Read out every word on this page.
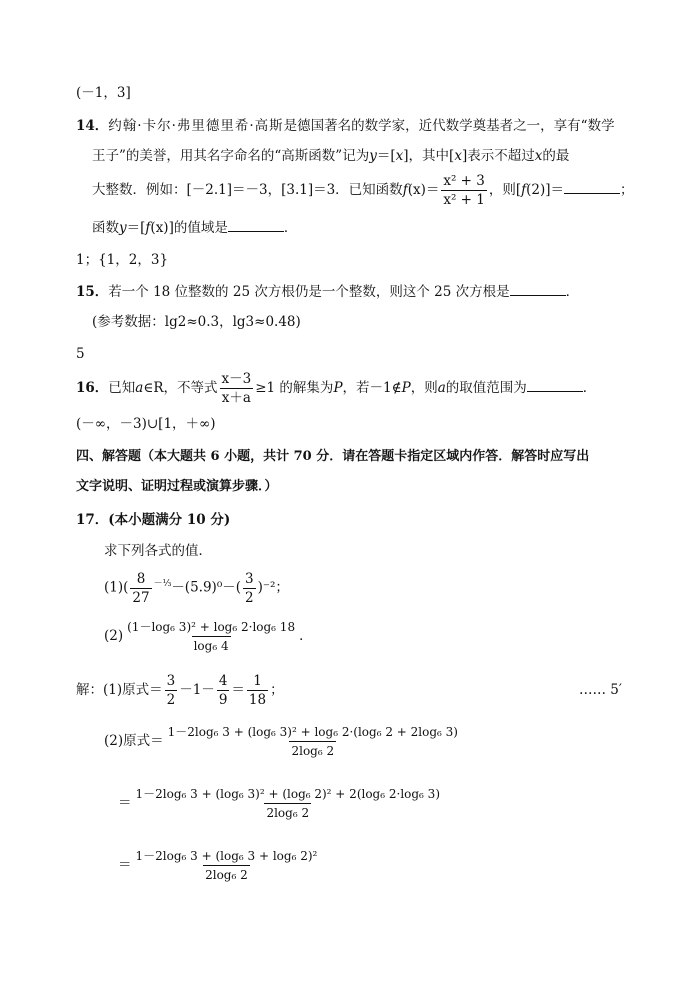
(－1，3]
14．约翰·卡尔·弗里德里希·高斯是德国著名的数学家，近代数学奠基者之一，享有“数学
王子”的美誉，用其名字命名的“高斯函数”记为y＝[x]，其中[x]表示不超过x的最
大整数．例如：[－2.1]＝－3，[3.1]＝3．已知函数$f(x)= \frac{\text{x² + 3}}{\text{x² + 1}}$ ，则[f(2)]＝	；
函数y＝[f(x)]的值域是	．
1；{1，2，3}
15．若一个 18 位整数的 25 次方根仍是一个整数，则这个 25 次方根是	．
(参考数据：lg2≈0.3，lg3≈0.48)
5
16．已知a∈R，不等式 $\frac{x-3}{x+a} \ge 1$ 的解集为P，若－1∉P，则a的取值范围为	．
(－∞，－3)∪[1，＋∞)
四、解答题（本大题共 6 小题，共计 70 分．请在答题卡指定区域内作答．解答时应写出
文字说明、证明过程或演算步骤．）
17．(本小题满分 10 分)
求下列各式的值．
$(1)( \frac{8}{27} ^{-\frac{1}{3}}-(5.9)^0-( \frac{3}{2} )^{-2}$；
$(2) \frac{\text{(1－log₆ 3)² + log₆ 2·log₆ 18}}{\text{log₆ 4}}$ ．
解：(1)原式＝ $\frac{3}{2} -1- \frac{4}{9} = \frac{1}{18}$ ；	…… 5′
(2)原式＝ $\frac{\text{1－2log₆ 3 + (log₆ 3)² + log₆ 2·(log₆ 2 + 2log₆ 3)}}{\text{2log₆ 2}}$
＝ $\frac{\text{1－2log₆ 3 + (log₆ 3)² + (log₆ 2)² + 2(log₆ 2·log₆ 3)}}{\text{2log₆ 2}}$
＝ $\frac{\text{1－2log₆ 3 + (log₆ 3 + log₆ 2)²}}{\text{2log₆ 2}}$
